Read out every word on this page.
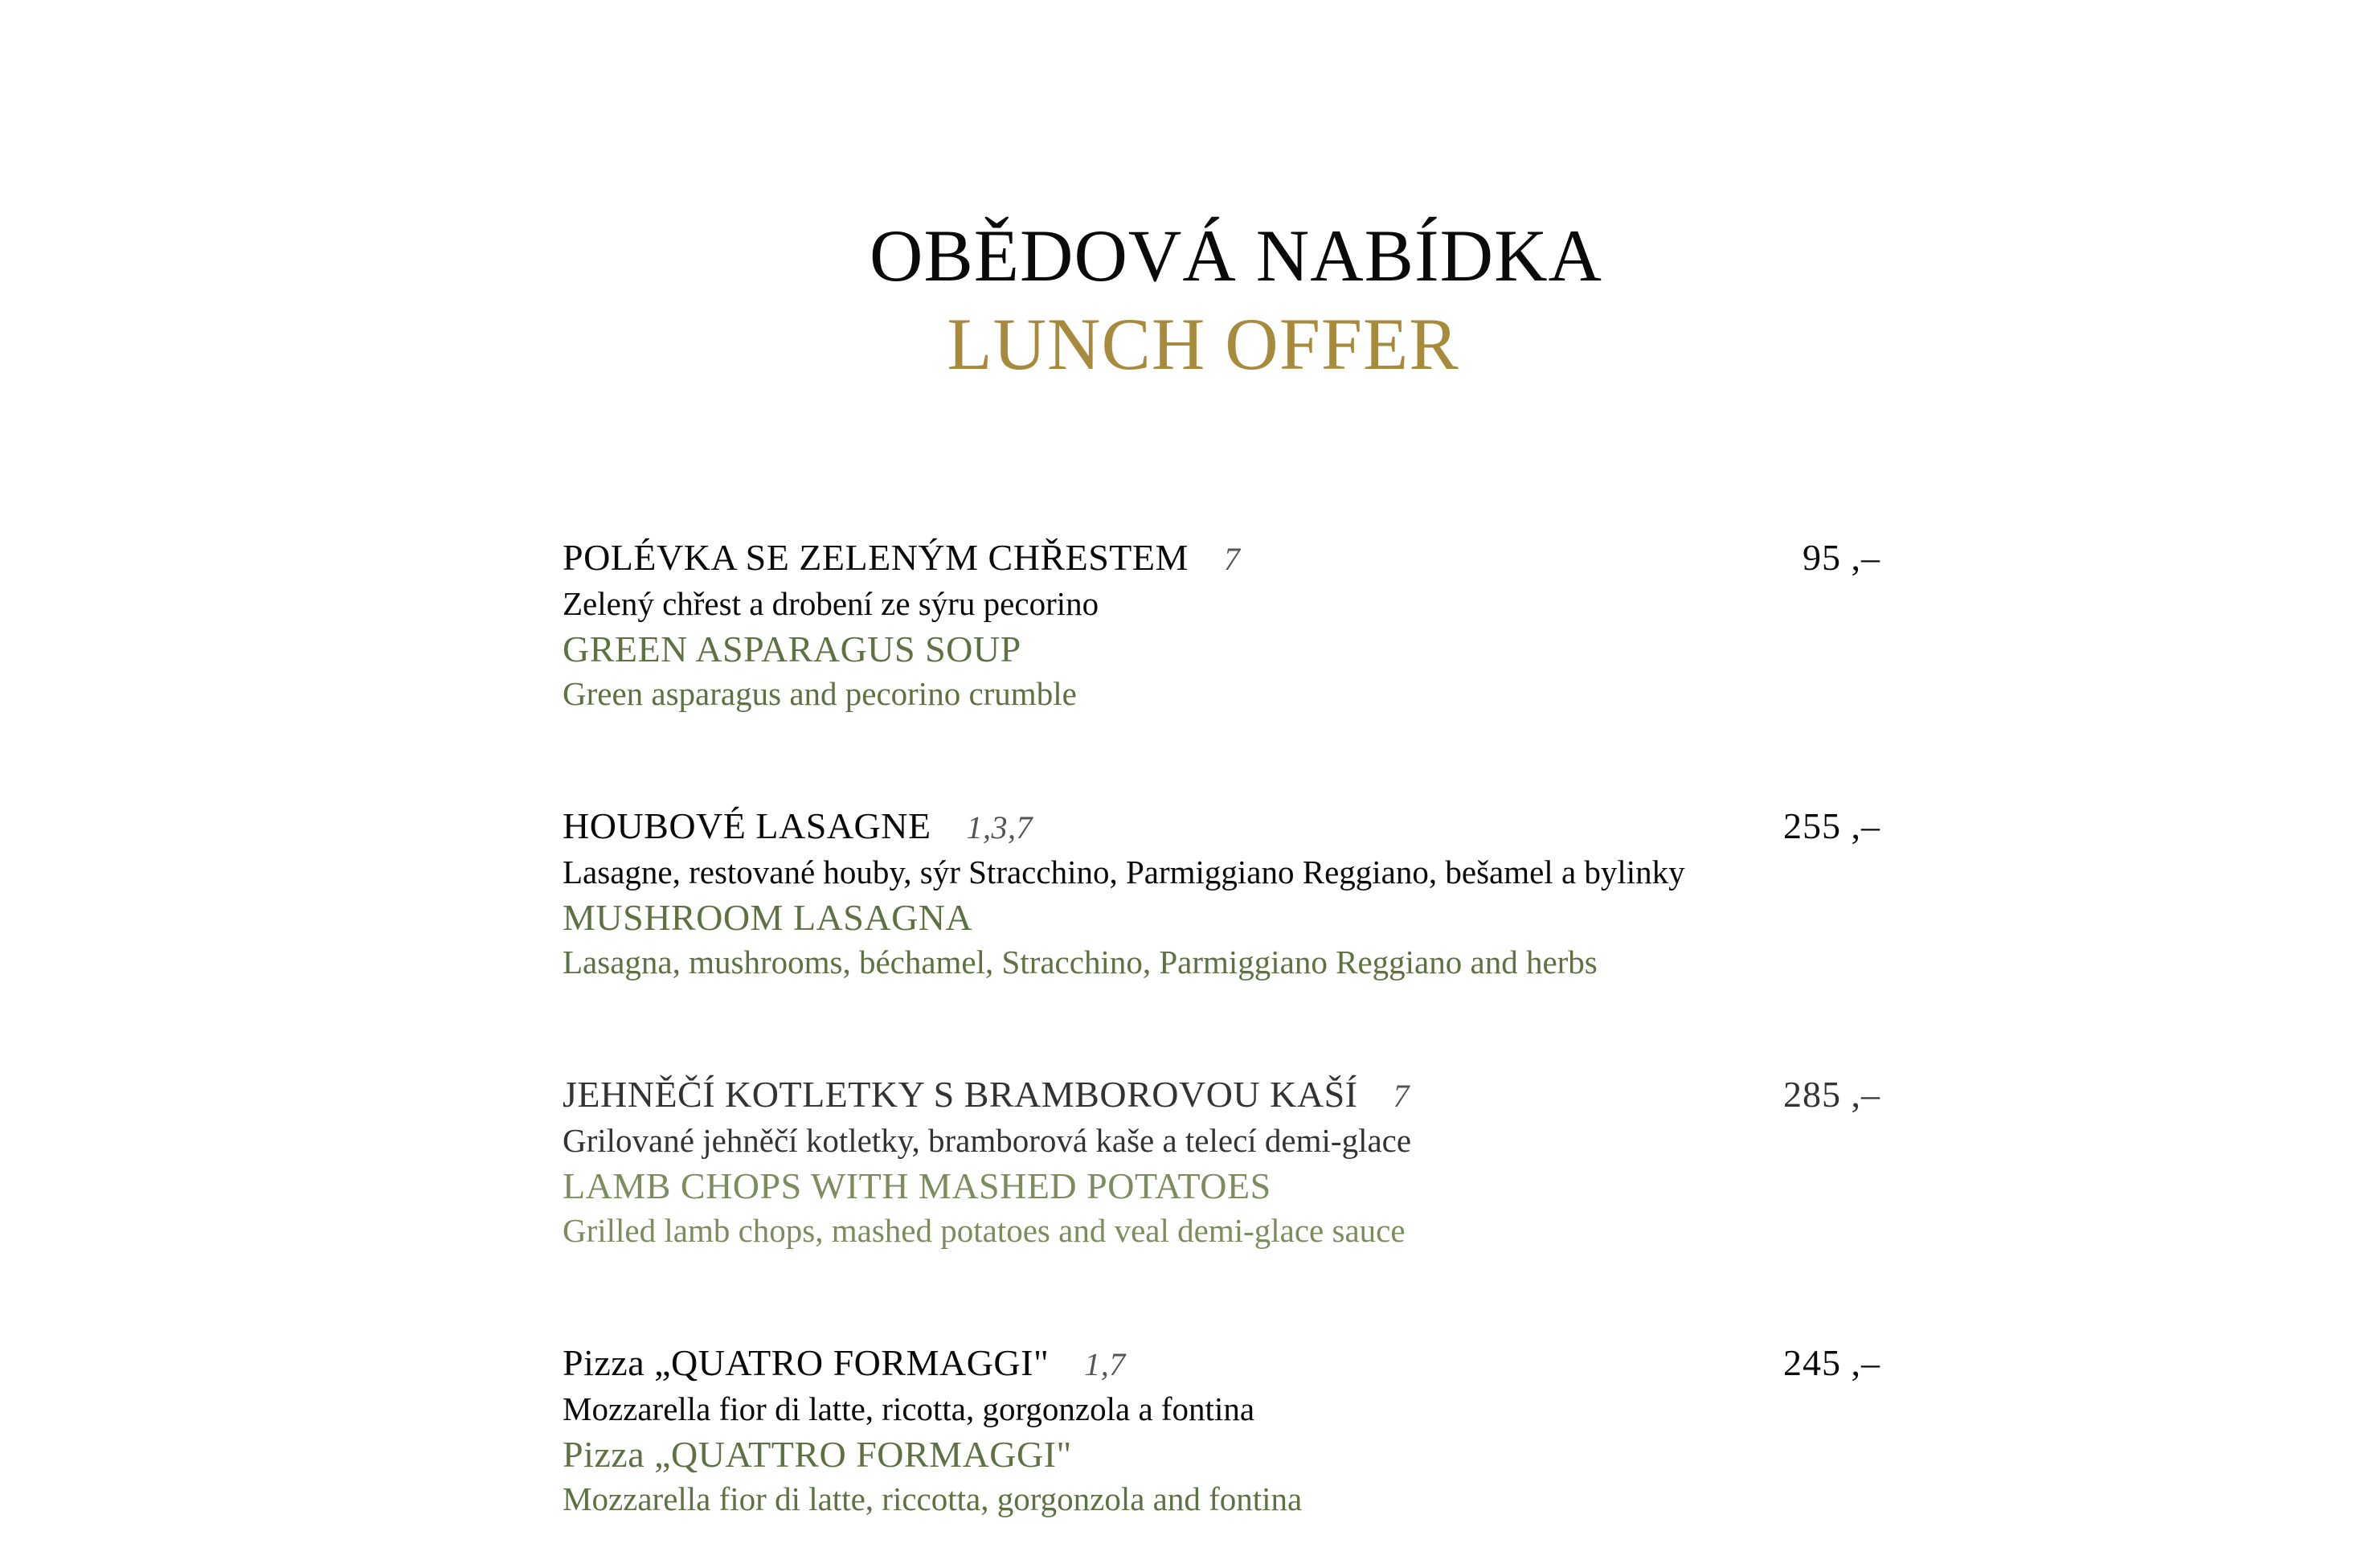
OBĚDOVÁ NABÍDKA
LUNCH OFFER
POLÉVKA SE ZELENÝM CHŘESTEM 7	95 ,–
Zelený chřest a drobení ze sýru pecorino
GREEN ASPARAGUS SOUP
Green asparagus and pecorino crumble
HOUBOVÉ LASAGNE 1,3,7	255 ,–
Lasagne, restované houby, sýr Stracchino, Parmiggiano Reggiano, bešamel a bylinky
MUSHROOM LASAGNA
Lasagna, mushrooms, béchamel, Stracchino, Parmiggiano Reggiano and herbs
JEHNĚČÍ KOTLETKY S BRAMBOROVOU KAŠÍ 7	285 ,–
Grilované jehněčí kotletky, bramborová kaše a telecí demi-glace
LAMB CHOPS WITH MASHED POTATOES
Grilled lamb chops, mashed potatoes and veal demi-glace sauce
Pizza „QUATRO FORMAGGI" 1,7	245 ,–
Mozzarella fior di latte, ricotta, gorgonzola a fontina
Pizza „QUATTRO FORMAGGI"
Mozzarella fior di latte, riccotta, gorgonzola and fontina
